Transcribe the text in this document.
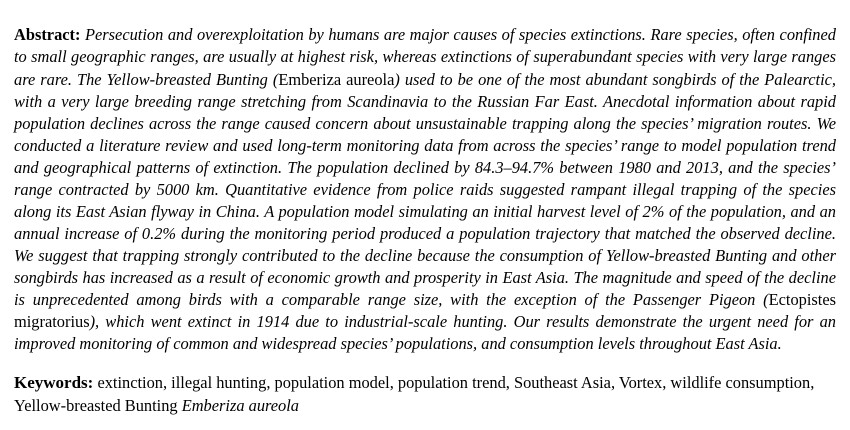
Abstract: Persecution and overexploitation by humans are major causes of species extinctions. Rare species, often confined to small geographic ranges, are usually at highest risk, whereas extinctions of superabundant species with very large ranges are rare. The Yellow-breasted Bunting (Emberiza aureola) used to be one of the most abundant songbirds of the Palearctic, with a very large breeding range stretching from Scandinavia to the Russian Far East. Anecdotal information about rapid population declines across the range caused concern about unsustainable trapping along the species’ migration routes. We conducted a literature review and used long-term monitoring data from across the species’ range to model population trend and geographical patterns of extinction. The population declined by 84.3–94.7% between 1980 and 2013, and the species’ range contracted by 5000 km. Quantitative evidence from police raids suggested rampant illegal trapping of the species along its East Asian flyway in China. A population model simulating an initial harvest level of 2% of the population, and an annual increase of 0.2% during the monitoring period produced a population trajectory that matched the observed decline. We suggest that trapping strongly contributed to the decline because the consumption of Yellow-breasted Bunting and other songbirds has increased as a result of economic growth and prosperity in East Asia. The magnitude and speed of the decline is unprecedented among birds with a comparable range size, with the exception of the Passenger Pigeon (Ectopistes migratorius), which went extinct in 1914 due to industrial-scale hunting. Our results demonstrate the urgent need for an improved monitoring of common and widespread species’ populations, and consumption levels throughout East Asia.

Keywords: extinction, illegal hunting, population model, population trend, Southeast Asia, Vortex, wildlife consumption, Yellow-breasted Bunting Emberiza aureola
